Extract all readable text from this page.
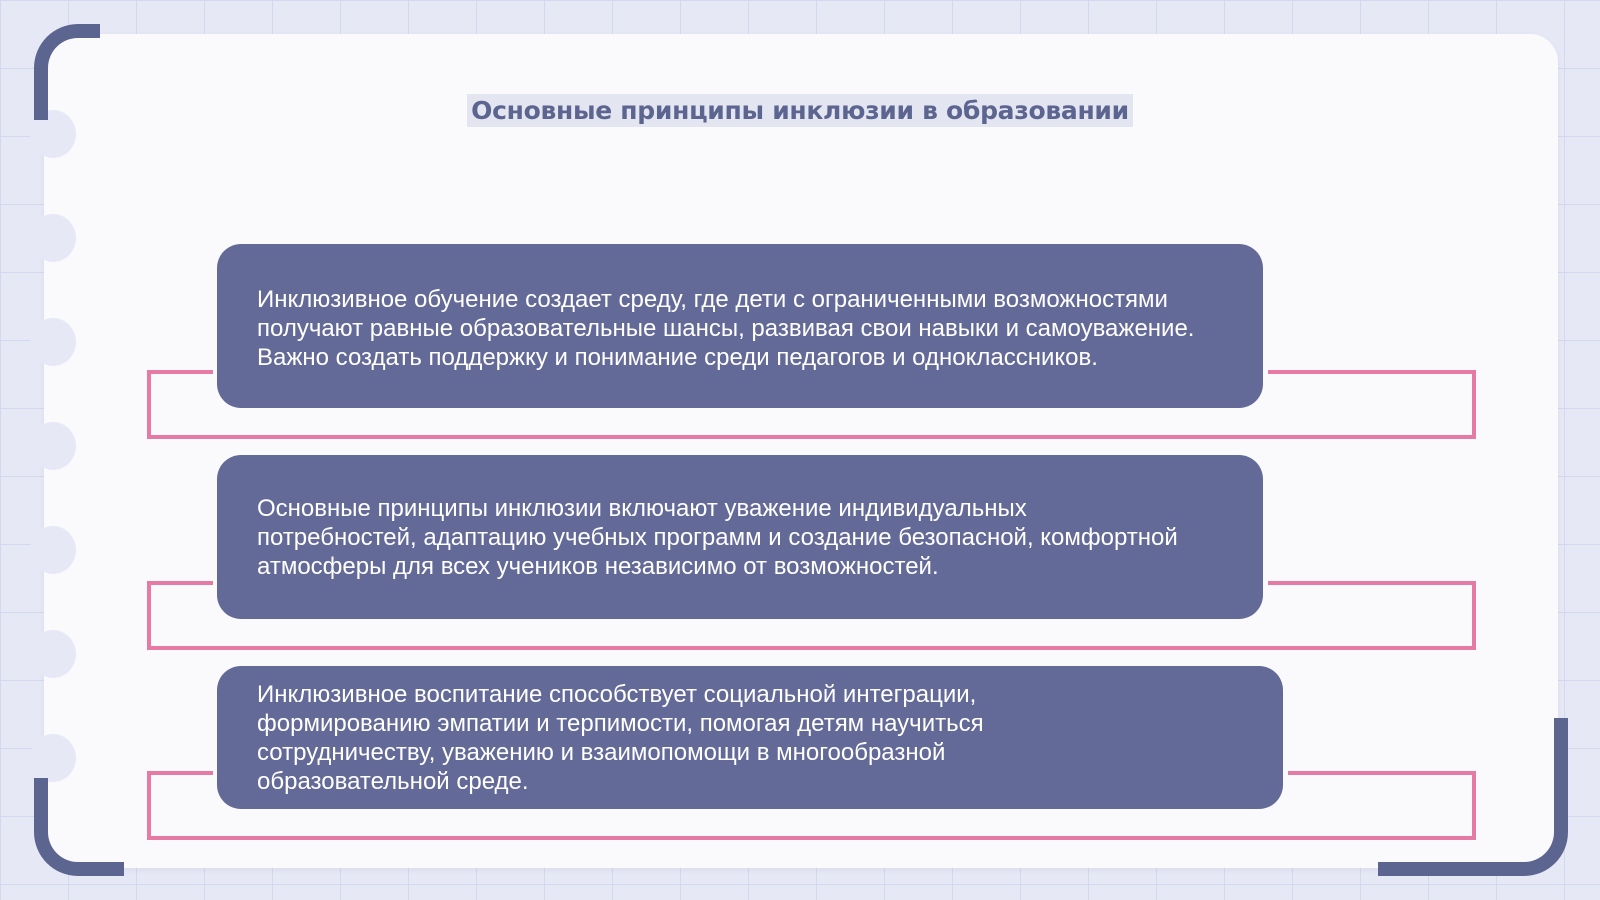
Основные принципы инклюзии в образовании
Инклюзивное обучение создает среду, где дети с ограниченными возможностями получают равные образовательные шансы, развивая свои навыки и самоуважение. Важно создать поддержку и понимание среди педагогов и одноклассников.
Основные принципы инклюзии включают уважение индивидуальных потребностей, адаптацию учебных программ и создание безопасной, комфортной атмосферы для всех учеников независимо от возможностей.
Инклюзивное воспитание способствует социальной интеграции, формированию эмпатии и терпимости, помогая детям научиться сотрудничеству, уважению и взаимопомощи в многообразной образовательной среде.
